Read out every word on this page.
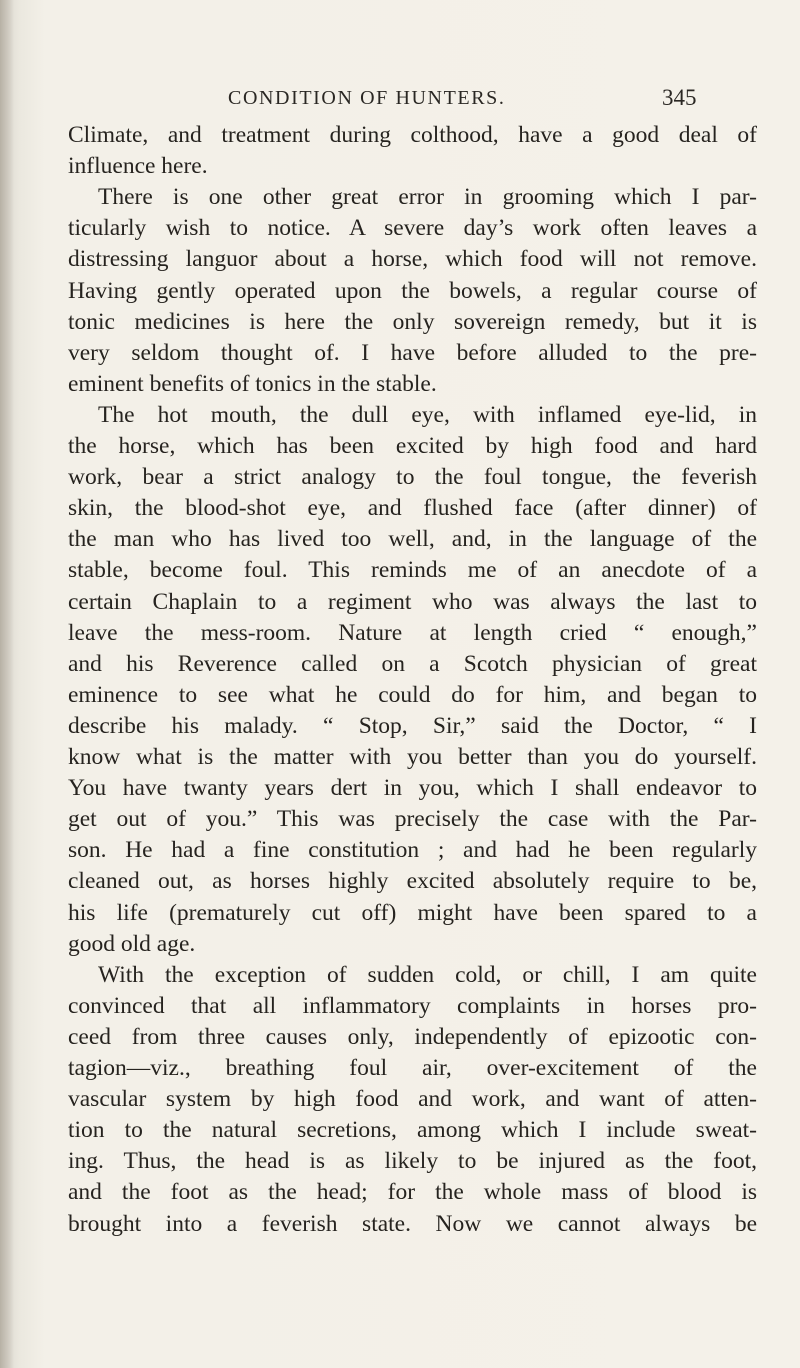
CONDITION OF HUNTERS.	345
Climate, and treatment during colthood, have a good deal of
influence here.
There is one other great error in grooming which I par-
ticularly wish to notice. A severe day’s work often leaves a
distressing languor about a horse, which food will not remove.
Having gently operated upon the bowels, a regular course of
tonic medicines is here the only sovereign remedy, but it is
very seldom thought of. I have before alluded to the pre-
eminent benefits of tonics in the stable.
The hot mouth, the dull eye, with inflamed eye-lid, in
the horse, which has been excited by high food and hard
work, bear a strict analogy to the foul tongue, the feverish
skin, the blood-shot eye, and flushed face (after dinner) of
the man who has lived too well, and, in the language of the
stable, become foul. This reminds me of an anecdote of a
certain Chaplain to a regiment who was always the last to
leave the mess-room. Nature at length cried “ enough,”
and his Reverence called on a Scotch physician of great
eminence to see what he could do for him, and began to
describe his malady. “ Stop, Sir,” said the Doctor, “ I
know what is the matter with you better than you do yourself.
You have twanty years dert in you, which I shall endeavor to
get out of you.” This was precisely the case with the Par-
son. He had a fine constitution ; and had he been regularly
cleaned out, as horses highly excited absolutely require to be,
his life (prematurely cut off) might have been spared to a
good old age.
With the exception of sudden cold, or chill, I am quite
convinced that all inflammatory complaints in horses pro-
ceed from three causes only, independently of epizootic con-
tagion—viz., breathing foul air, over-excitement of the
vascular system by high food and work, and want of atten-
tion to the natural secretions, among which I include sweat-
ing. Thus, the head is as likely to be injured as the foot,
and the foot as the head; for the whole mass of blood is
brought into a feverish state. Now we cannot always be
